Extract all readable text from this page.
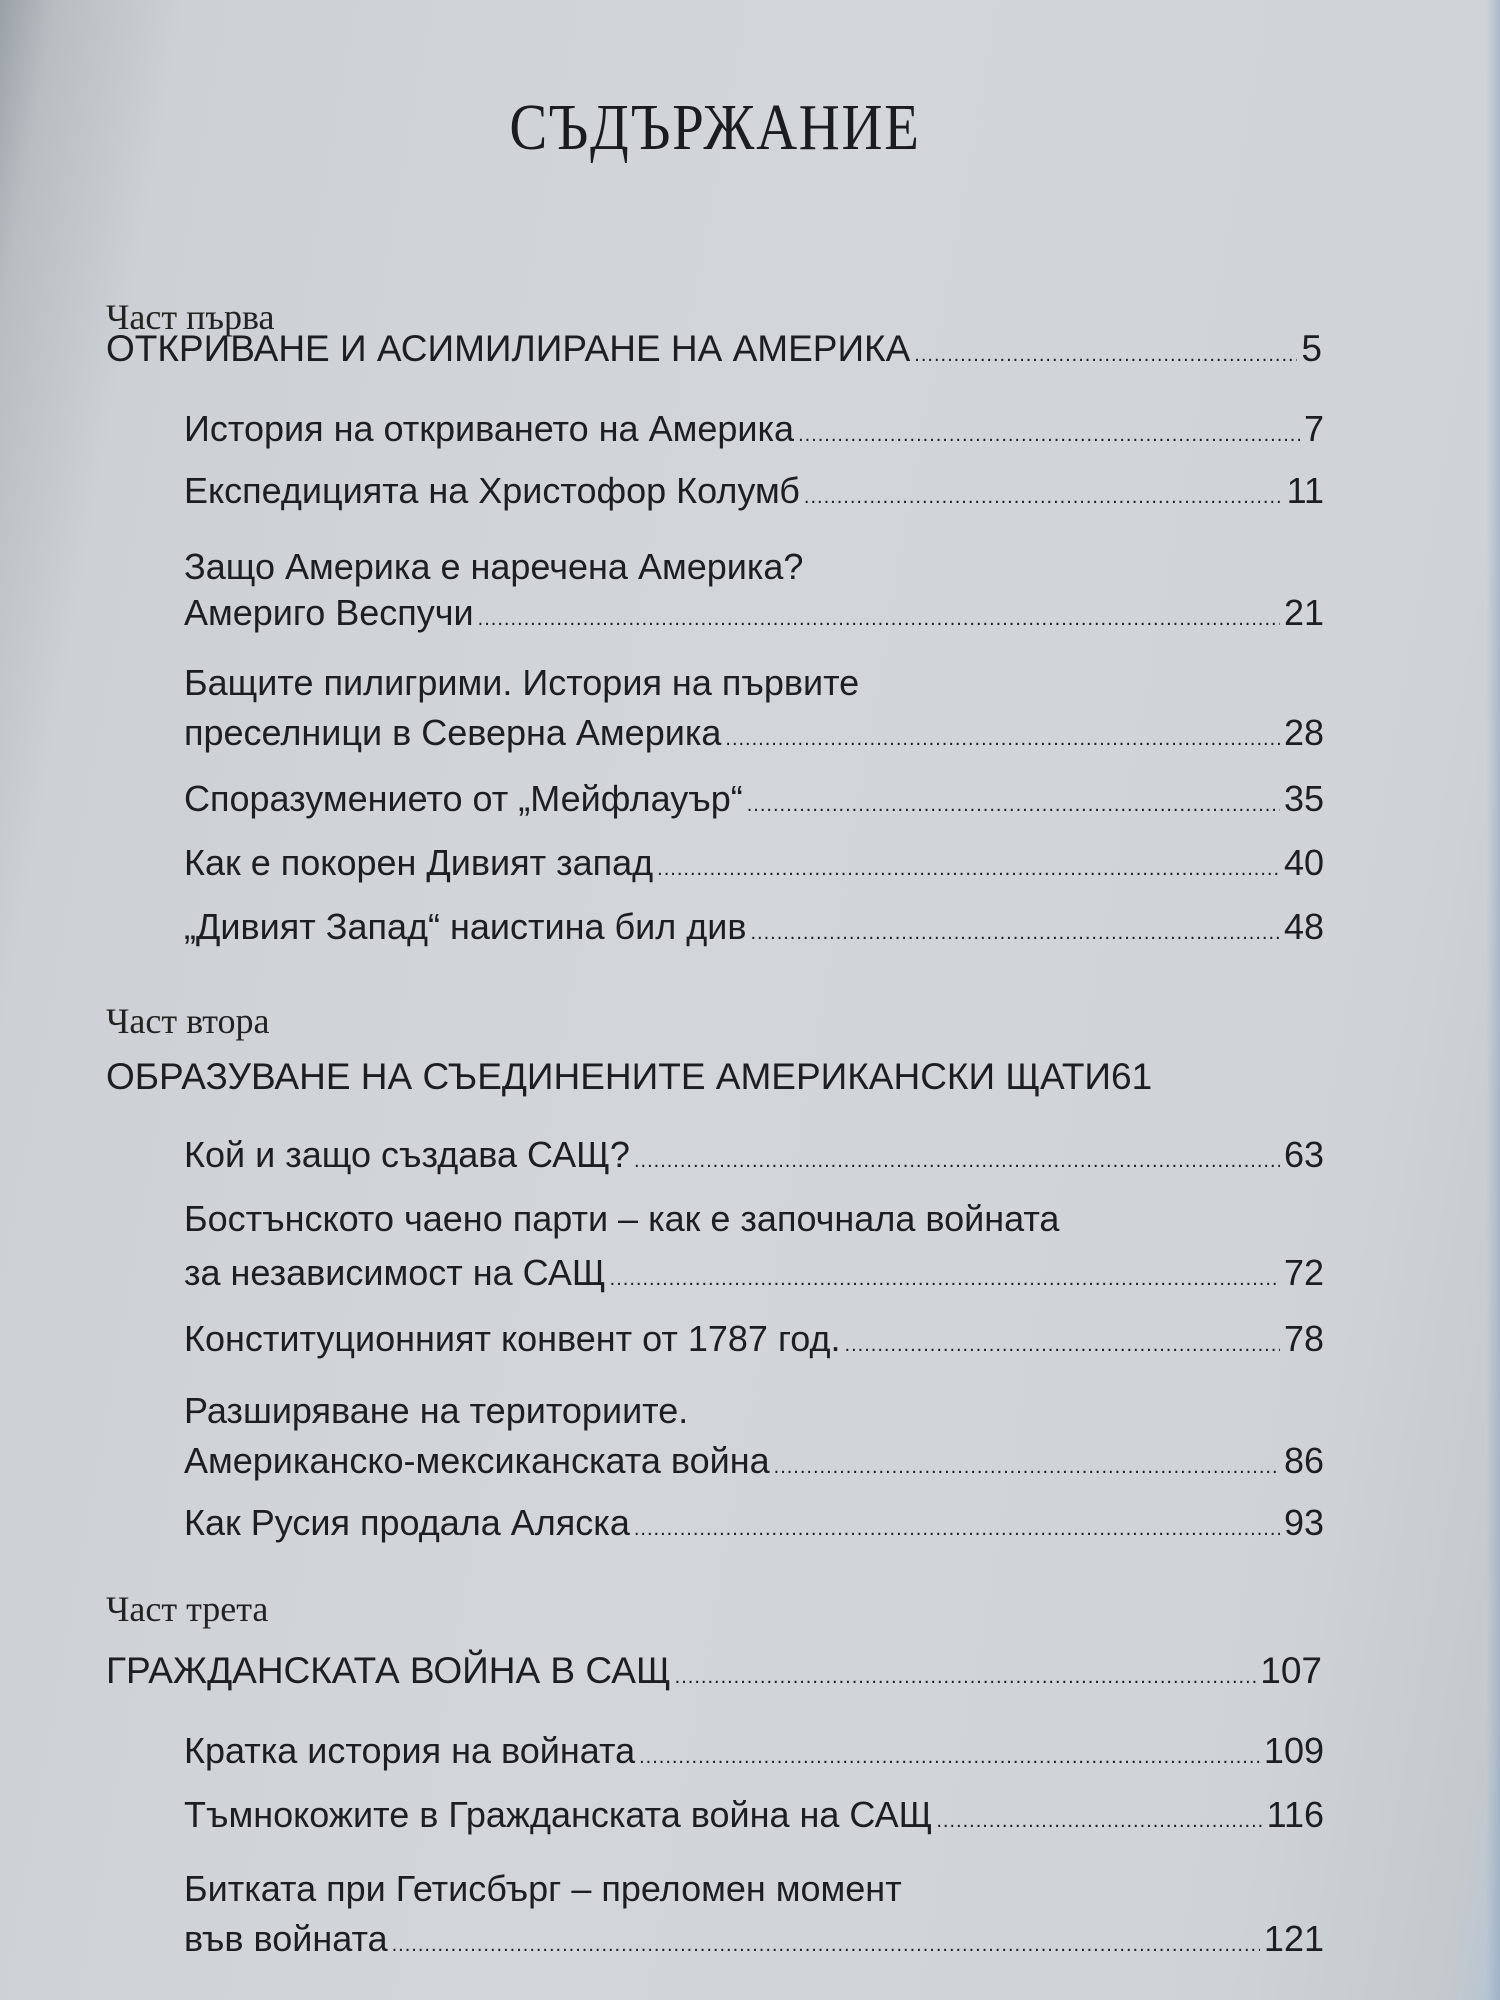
СЪДЪРЖАНИЕ
Част първа
ОТКРИВАНЕ И АСИМИЛИРАНЕ НА АМЕРИКА .....	5
История на откриването на Америка .....	7
Експедицията на Христофор Колумб .....	11
Защо Америка е наречена Америка?
Америго Веспучи .....	21
Бащите пилигрими. История на първите
преселници в Северна Америка .....	28
Споразумението от „Мейфлауър“ .....	35
Как е покорен Дивият запад .....	40
„Дивият Запад“ наистина бил див .....	48
Част втора
ОБРАЗУВАНЕ НА СЪЕДИНЕНИТЕ АМЕРИКАНСКИ ЩАТИ 61
Кой и защо създава САЩ? .....	63
Бостънското чаено парти – как е започнала войната
за независимост на САЩ .....	72
Конституционният конвент от 1787 год. .....	78
Разширяване на териториите.
Американско-мексиканската война .....	86
Как Русия продала Аляска .....	93
Част трета
ГРАЖДАНСКАТА ВОЙНА В САЩ .....	107
Кратка история на войната .....	109
Тъмнокожите в Гражданската война на САЩ .....	116
Битката при Гетисбърг – преломен момент
във войната .....	121
